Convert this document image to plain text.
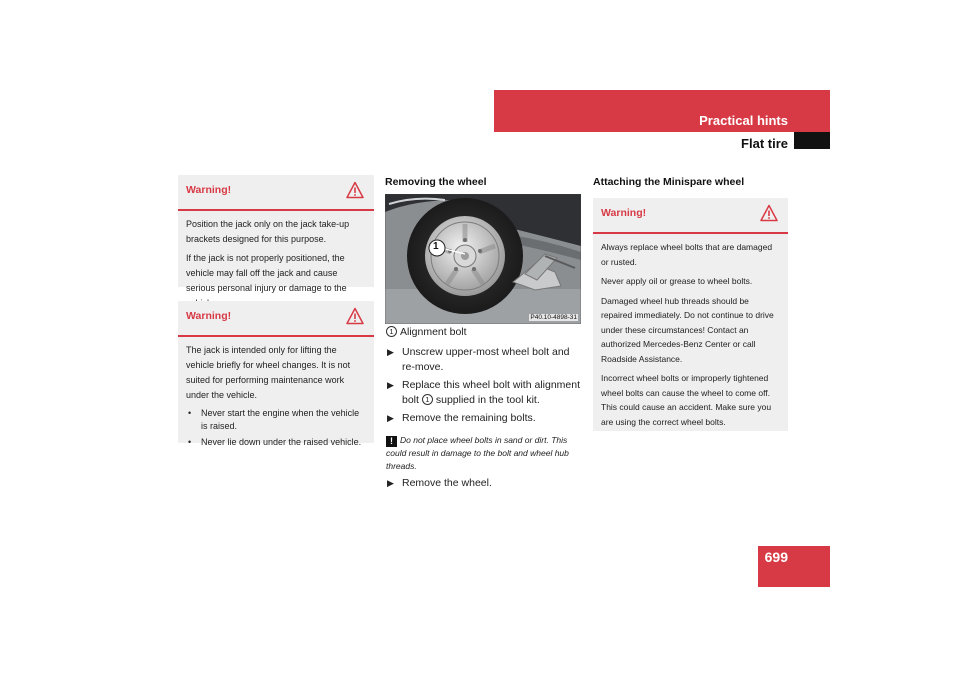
Practical hints
Flat tire
Warning!

Position the jack only on the jack take-up brackets designed for this purpose.

If the jack is not properly positioned, the vehicle may fall off the jack and cause serious personal injury or damage to the

Warning!

The jack is intended only for lifting the vehicle briefly for wheel changes. It is not suited for performing maintenance work under the vehicle.

• Never start the engine when the vehicle is raised.
• Never lie down under the raised vehicle.
Removing the wheel
1
P40.10-4898-31
1 Alignment bolt
▶ Unscrew upper-most wheel bolt and re-move.
▶ Replace this wheel bolt with alignment
bolt 1 supplied in the tool kit.
▶ Remove the remaining bolts.
! Do not place wheel bolts in sand or dirt. This could result in damage to the bolt and wheel hub threads.
▶ Remove the wheel.
Attaching the Minispare wheel
Warning!

Always replace wheel bolts that are damaged or rusted.

Never apply oil or grease to wheel bolts.

Damaged wheel hub threads should be repaired immediately. Do not continue to drive under these circumstances! Contact an authorized Mercedes-Benz Center or call Roadside Assistance.

Incorrect wheel bolts or improperly tightened wheel bolts can cause the wheel to come off. This could cause an accident. Make sure you are using the correct wheel bolts.

699
